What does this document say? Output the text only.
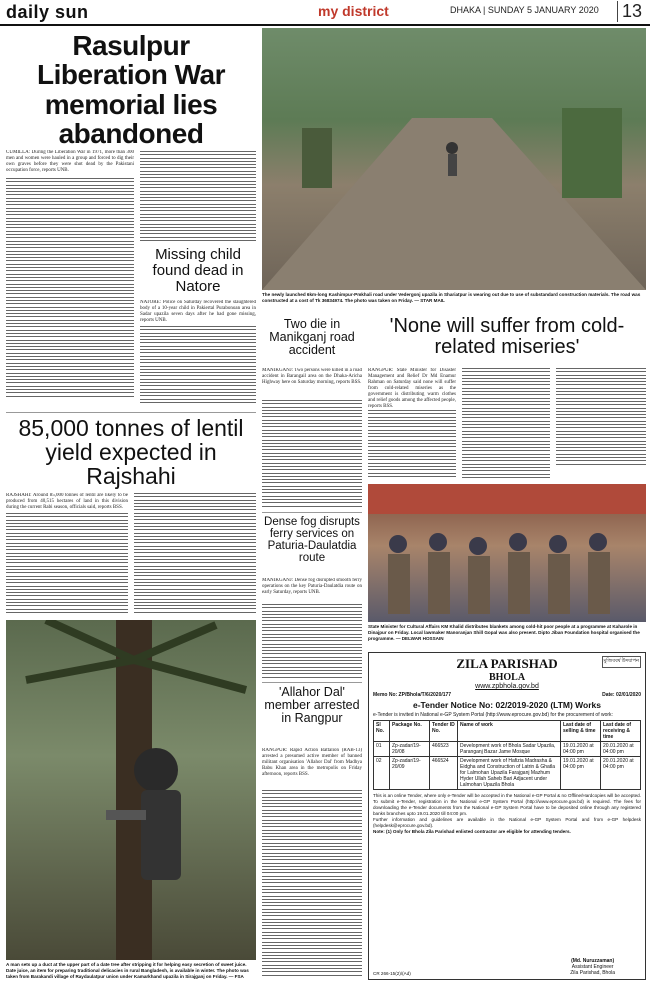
daily sun	my district	DHAKA | SUNDAY 5 JANUARY 2020 13
Rasulpur Liberation War memorial lies abandoned
CUMILLA: During the Liberation War in 1971, more than 300 men and women were hauled in a group and forced to dig their own graves before they were shot dead by the Pakistani occupation force, reports UNB.
Missing child found dead in Natore
NATORE: Police on Saturday recovered the slaughtered body of a 10-year child in Pakiertal Purabonoan area in Sadar upazila seven days after he had gone missing, reports UNB.
85,000 tonnes of lentil yield expected in Rajshahi
RAJSHAHI: Around 85,000 tonnes of lentil are likely to be produced from 40,515 hectares of land in this division during the current Rabi season, officials said, reports BSS.
A man sets up a duct at the upper part of a date tree after stripping it for helping easy secretion of sweet juice. Date juice, an item for preparing traditional delicacies in rural Bangladesh, is available in winter. The photo was taken from Barakandi village of Raydaulatpur union under Kamarkhand upazila in Sirajganj on Friday. — FSA
The newly launched 6km-long Kashimpur-Pmkhali road under Vedergonj upazila in Shariatpur is wearing out due to use of substandard construction materials. The road was constructed at a cost of Tk 36834974. The photo was taken on Friday. — STAR MAIL
Two die in Manikganj road accident
MANIKGANJ: Two persons were killed in a road accident in Barangail area on the Dhaka-Aricha Highway here on Saturday morning, reports BSS.
'None will suffer from cold-related miseries'
RANGPUR: State Minister for Disaster Management and Relief Dr Md Enamur Rahman on Saturday said none will suffer from cold-related miseries as the government is distributing warm clothes and relief goods among the affected people, reports BSS.
Dense fog disrupts ferry services on Paturia-Daulatdia route
MANIKGANJ: Dense fog disrupted smooth ferry operations on the key Paturia-Daulatdia route on early Saturday, reports UNB.
State Minister for Cultural Affairs KM Khalid distributes blankets among cold-hit poor people at a programme at Kaharole in Dinajpur on Friday. Local lawmaker Manoranjan Shill Gopal was also present. Dipto Jiban Foundation hospital organised the programme. — DELWAR HOSSAIN
'Allahor Dal' member arrested in Rangpur
RANGPUR: Rapid Action Battalion (RAB-13) arrested a presumed active member of banned militant organisation 'Allahor Dal' from Madhya Babu Khan area in the metropolis on Friday afternoon, reports BSS.
মুজিববর্ষ উদযাপন
ZILA PARISHAD
BHOLA
www.zpbhola.gov.bd
Memo No: ZP/Bhola/T/6/2020/177	Date: 02/01/2020
e-Tender Notice No: 02/2019-2020 (LTM) Works
e-Tender is invited in National e-GP System Portal (http://www.eprocure.gov.bd) for the procurement of work:
Sl No.	Package No.	Tender ID No.	Name of work	Last date of selling & time	Last date of receiving & time
01	Zp-zadar/19-20/08	466523	Development work of Bhola Sadar Upazila, Paranganj Bazar Jame Mosque	19.01.2020 at 04:00 pm	20.01.2020 at 04:00 pm
02	Zp-zadar/19-20/09	466524	Development work of Hafizia Madrasha & Eidgha and Construction of Latrin & Ghatla for Lalmohan Upazila Farajganj Mazhum Hyder Ullah Saheb Bari Adjacent under Lalmohan Upazila Bhola	19.01.2020 at 04:00 pm	20.01.2020 at 04:00 pm
This is an online Tender, where only e-Tender will be accepted in the National e-GP Portal & no Offline/Hardcopies will be accepted. To submit e-Tender, registration in the National e-GP System Portal (http://www.eprocure.gov.bd) is required. The fees for downloading the e-Tender documents from the National e-GP System Portal have to be deposited online through any registered banks branches upto 19.01.2020 till 04:00 pm.
Further information and guidelines are available in the National e-GP System Portal and from e-GP helpdesk (helpdesk@eprocure.gov.bd).
Note: (1) Only for Bhola Zila Parishad enlisted contractor are eligible for attending tenders.
CR 266-15(2)/(Ad)
(Md. Nuruzzaman)
Assistant Engineer
Zila Parishad, Bhola
